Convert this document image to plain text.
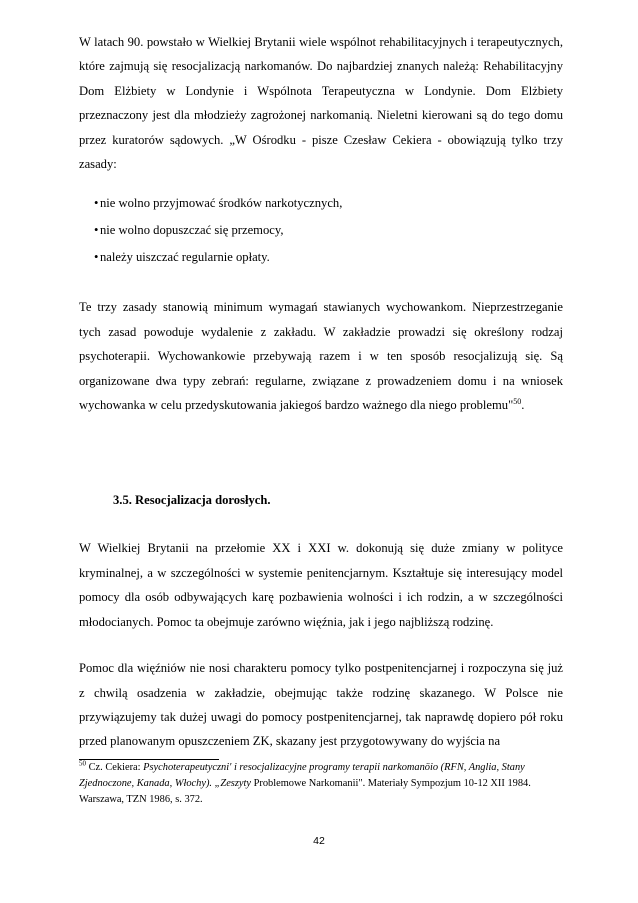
W latach 90. powstało w Wielkiej Brytanii wiele wspólnot rehabilitacyjnych i terapeutycznych, które zajmują się resocjalizacją narkomanów. Do najbardziej znanych należą: Rehabilitacyjny Dom Elżbiety w Londynie i Wspólnota Terapeutyczna w Londynie. Dom Elżbiety przeznaczony jest dla młodzieży zagrożonej narkomanią. Nieletni kierowani są do tego domu przez kuratorów sądowych. „W Ośrodku - pisze Czesław Cekiera - obowiązują tylko trzy zasady:

• nie wolno przyjmować środków narkotycznych,
• nie wolno dopuszczać się przemocy,
• należy uiszczać regularnie opłaty.

Te trzy zasady stanowią minimum wymagań stawianych wychowankom. Nieprzestrzeganie tych zasad powoduje wydalenie z zakładu. W zakładzie prowadzi się określony rodzaj psychoterapii. Wychowankowie przebywają razem i w ten sposób resocjalizują się. Są organizowane dwa typy zebrań: regularne, związane z prowadzeniem domu i na wniosek wychowanka w celu przedyskutowania jakiegoś bardzo ważnego dla niego problemu"$^{50}$.

3.5. Resocjalizacja dorosłych.

W Wielkiej Brytanii na przełomie XX i XXI w. dokonują się duże zmiany w polityce kryminalnej, a w szczególności w systemie penitencjarnym. Kształtuje się interesujący model pomocy dla osób odbywających karę pozbawienia wolności i ich rodzin, a w szczególności młodocianych. Pomoc ta obejmuje zarówno więźnia, jak i jego najbliższą rodzinę.

Pomoc dla więźniów nie nosi charakteru pomocy tylko postpenitencjarnej i rozpoczyna się już z chwilą osadzenia w zakładzie, obejmując także rodzinę skazanego. W Polsce nie przywiązujemy tak dużej uwagi do pomocy postpenitencjarnej, tak naprawdę dopiero pół roku przed planowanym opuszczeniem ZK, skazany jest przygotowywany do wyjścia na

$^{50}$ Cz. Cekiera: Psychoterapeutyczni' i resocjalizacyjne programy terapii narkomanöio (RFN, Anglia, Stany Zjednoczone, Kanada, Włochy). „Zeszyty Problemowe Narkomanii". Materiały Sympozjum 10-12 XII 1984. Warszawa, TZN 1986, s. 372.

42
